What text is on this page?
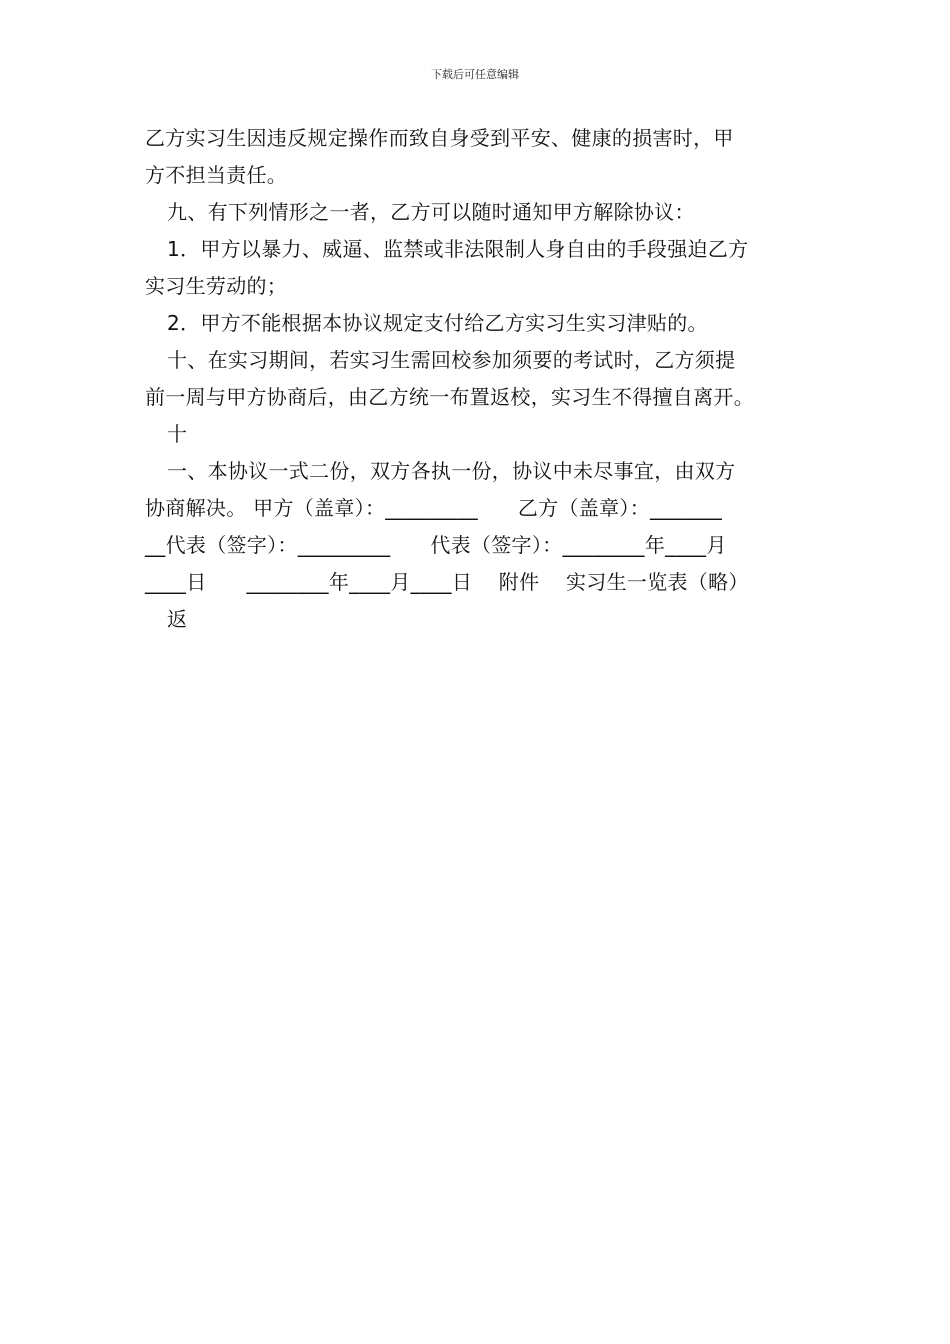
下载后可任意编辑
乙方实习生因违反规定操作而致自身受到平安、健康的损害时，甲
方不担当责任。
九、有下列情形之一者，乙方可以随时通知甲方解除协议：
1．甲方以暴力、威逼、监禁或非法限制人身自由的手段强迫乙方
实习生劳动的；
2．甲方不能根据本协议规定支付给乙方实习生实习津贴的。
十、在实习期间，若实习生需回校参加须要的考试时，乙方须提
前一周与甲方协商后，由乙方统一布置返校，实习生不得擅自离开。
十
一、本协议一式二份，双方各执一份，协议中未尽事宜，由双方
协商解决。 甲方（盖章）：_________      乙方（盖章）：_______
__代表（签字）：_________      代表（签字）：________年____月
____日      ________年____月____日    附件    实习生一览表（略）
返
